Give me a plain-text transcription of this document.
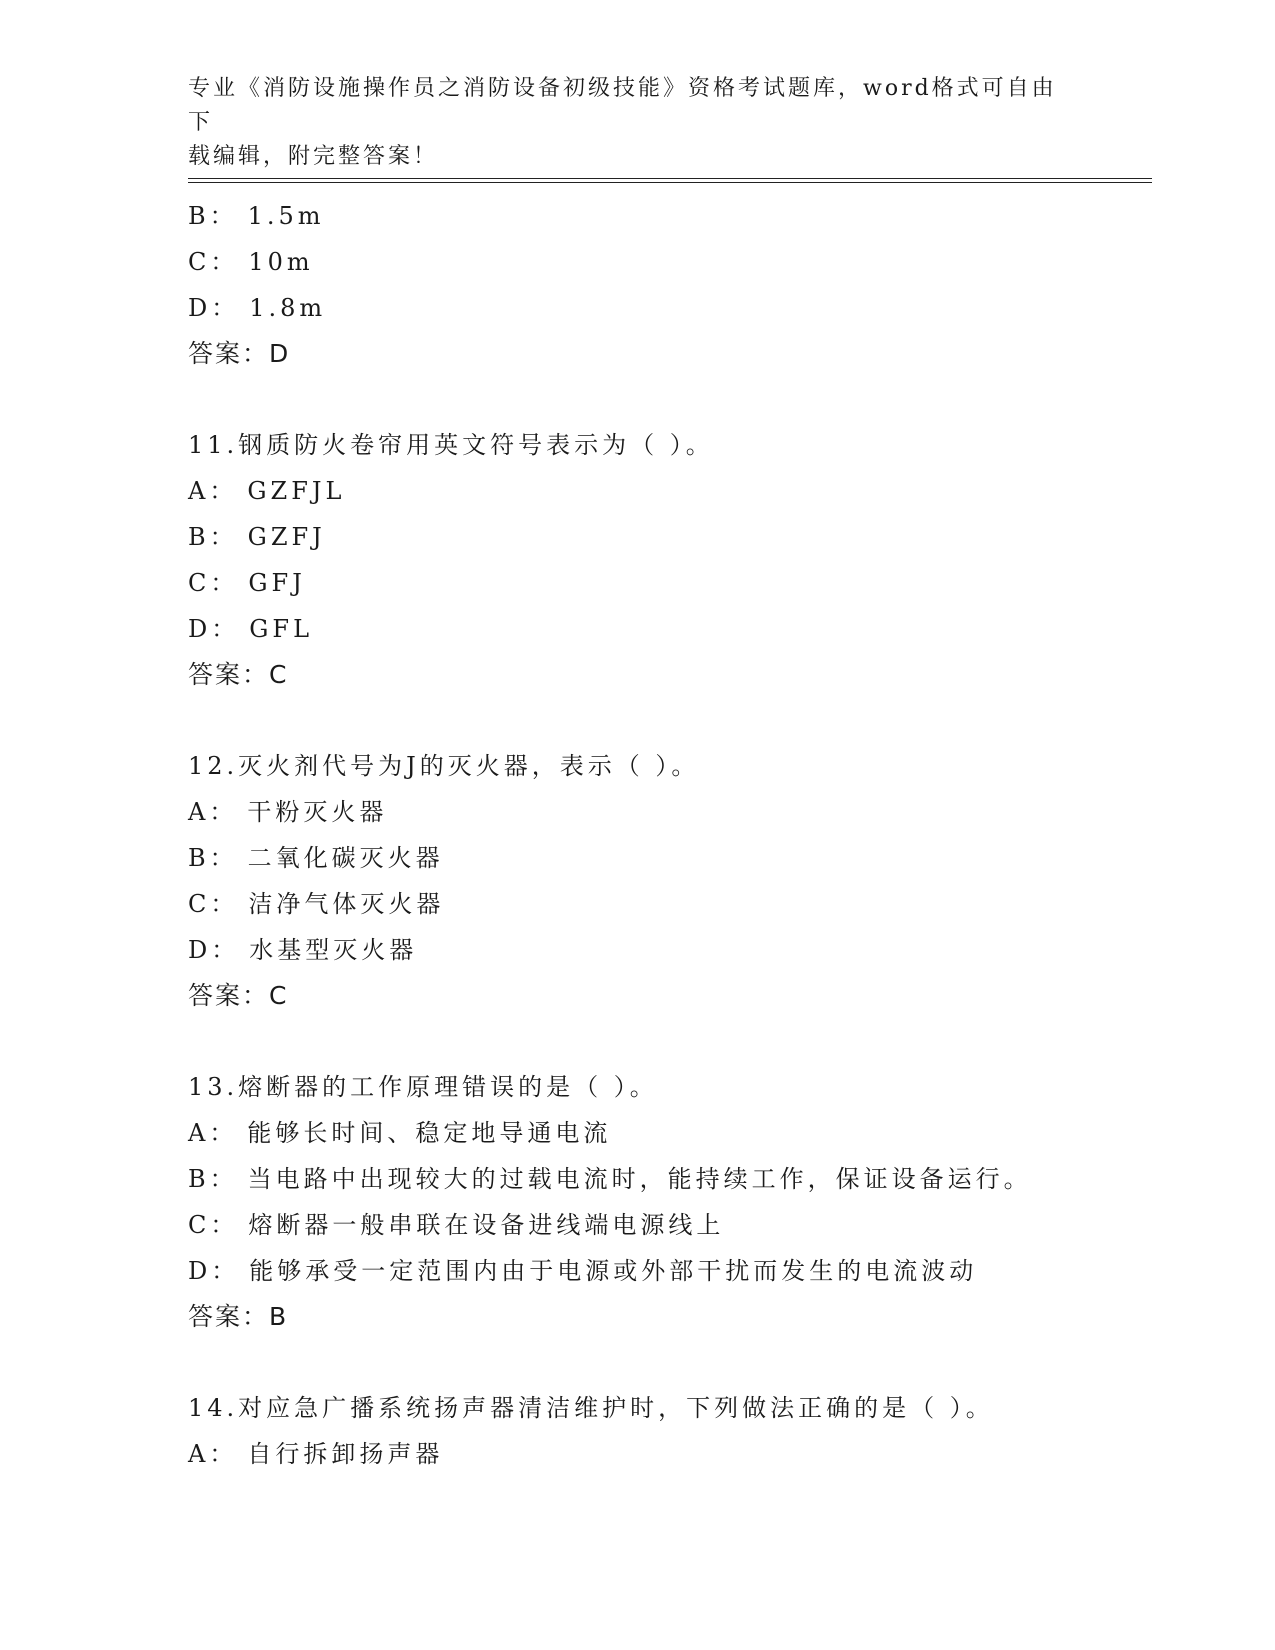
专业《消防设施操作员之消防设备初级技能》资格考试题库，word格式可自由下
载编辑，附完整答案！
B： 1.5m
C： 10m
D： 1.8m
答案：D
11.钢质防火卷帘用英文符号表示为（ ）。
A： GZFJL
B： GZFJ
C： GFJ
D： GFL
答案：C
12.灭火剂代号为J的灭火器，表示（ ）。
A： 干粉灭火器
B： 二氧化碳灭火器
C： 洁净气体灭火器
D： 水基型灭火器
答案：C
13.熔断器的工作原理错误的是（ ）。
A： 能够长时间、稳定地导通电流
B： 当电路中出现较大的过载电流时，能持续工作，保证设备运行。
C： 熔断器一般串联在设备进线端电源线上
D： 能够承受一定范围内由于电源或外部干扰而发生的电流波动
答案：B
14.对应急广播系统扬声器清洁维护时，下列做法正确的是（ ）。
A： 自行拆卸扬声器
